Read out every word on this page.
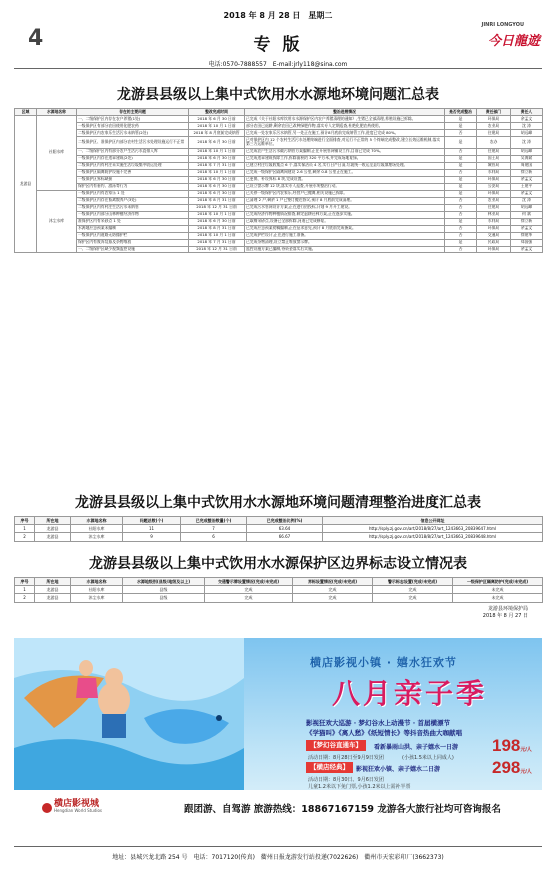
2018 年 8 月 28 日　星期二
4	专 版
JINRI LONGYOU
今日龍遊
电话:0570-7888557　E-mail:jrly118@sina.com
龙游县县级以上集中式饮用水水源地环境问题汇总表
区域	水源地名称	存在的主要问题	整改完成时间	整治进展情况	是否完成整治	责任部门	责任人
龙游县	社阳水库	一、二级保护区内存在农户养猪(1处)	2018 年 6 月 30 日前	已完成《关于社阳水库饮用水水源保护区内农户养猪清理的通知》,生猪已全部清理,养殖设施已拆除。	是	环保局	余孟文
		一级保护区有部分农田使用化肥农药	2018 年 10 月 1 日前	部分农田已退耕,剩余农田已改种绿肥作物,落实专人定期巡查,杜绝化肥农药使用。	是	农业局	沈 涛
		二级保护区内农家乐生活污水未纳管(2处)	2018 年 8 月底前完成纳管	已完成一处农家乐污水纳管,另一处正在施工,预计8月底前完成纳管工作,进度已完成 80%。	否	住建局	胡远峰
		二级保护区、准保护区内部分农村生活污水处理设施运行不正常	2018 年 6 月 30 日前	已对保护区内 12 个农村生活污水处理终端进行全面排查,对运行不正常的 5 个终端完成整改,建立长效运维机制,落实第三方运维单位。	是	农办	沈 涛
		一、二级保护区内有部分农户生活污水直排入库	2018 年 10 月 1 日前	已完成农户生活污水截污纳管方案编制,正在开展管网铺设工作,目前已完成 70%。	否	住建局	胡远峰
		一级保护区内存在违章建筑(2处)	2018 年 6 月 30 日前	已完成违章建筑拆除工作,拆除面积约 320 平方米,并完成场地复绿。	是	国土局	吴海斌
		二级保护区内有村庄未实施生活垃圾集中收运处理	2018 年 7 月 31 日前	已建立村庄垃圾收集点 6 个,落实保洁员 4 名,实行日产日清,垃圾统一收运至县垃圾填埋场处理。	是	城管局	周建国
		一级保护区隔离防护设施不完善	2018 年 10 月 1 日前	已完成一级保护区隔离网建设 2.6 公里,剩余 0.8 公里正在施工。	否	水利局	徐立新
		一级保护区界标缺损	2018 年 6 月 30 日前	已更换、补设界标 8 块,完成设置。	是	环保局	余孟文
		保护区内有垂钓、游泳等行为	2018 年 6 月 30 日前	已设立警示牌 12 块,落实专人巡查,开展专项整治行动。	是	公安局	王建平
	沐尘水库	一级保护区内有农家乐 1 处	2018 年 6 月 30 日前	已关停一级保护区内农家乐,经营户已搬离,相关设施已拆除。	是	环保局	余孟文
		二级保护区内存在畜禽散养户(3处)	2018 年 8 月 31 日前	已清理 2 户,剩余 1 户已签订搬迁协议,预计 8 月底前完成清理。	否	农业局	沈 涛
		二级保护区内有村庄生活污水未纳管	2018 年 12 月 31 日前	已完成污水管网设计方案,正在进行招投标,计划 9 月开工建设。	否	住建局	胡远峰
		一级保护区内部分山林种植经济作物	2018 年 10 月 1 日前	已完成经济作物种植情况排查,制定退耕还林方案,正在逐步实施。	否	林业局	何 斌
		准保护区内有采砂点 1 处	2018 年 6 月 30 日前	已取缔采砂点,设备已全部拆除,河道已完成修复。	是	水利局	徐立新
		水源地应急预案未编制	2018 年 8 月 31 日前	已完成应急预案初稿编制,正在征求意见,预计 8 月底前完成备案。	否	环保局	余孟文
		一级保护区内道路无防撞护栏	2018 年 10 月 1 日前	已完成护栏设计,正在进行施工准备。	否	交通局	徐建华
		保护区内有废弃坟墓及杂物堆放	2018 年 7 月 31 日前	已完成杂物清理,设立禁止堆放警示牌。	是	民政局	郑国强
		一、二级保护区缺少视频监控设施	2018 年 12 月 31 日前	监控设施方案已编制,待资金落实后实施。	否	环保局	余孟文
龙游县县级以上集中式饮用水水源地环境问题清理整治进度汇总表
序号	所在地	水源地名称	问题总数(个)	已完成整治数量(个)	已完成整治比例(%)	信息公开网址
1	龙游县	社阳水库	11	7	63.64	http://sply.zj.gov.cn/art/2018/8/27/art_1243663_20839647.html
2	龙游县	沐尘水库	9	6	66.67	http://sply.zj.gov.cn/art/2018/8/27/art_1243663_20839648.html
龙游县县级以上集中式饮用水水源保护区边界标志设立情况表
序号	所在地	水源地名称	水源地级别(县级/地级及以上)	交通警示牌设置情况(完成/未完成)	界标设置情况(完成/未完成)	警示标志设置(完成/未完成)	一级保护区隔离防护(完成/未完成)
1	龙游县	社阳水库	县级	完成	完成	完成	未完成
2	龙游县	沐尘水库	县级	完成	完成	完成	未完成
龙游县环境保护局
2018 年 8 月 27 日
横店影视小镇 · 嬉水狂欢节
八月亲子季
影视狂欢大巡游 · 梦幻谷水上动漫节 · 首届横漂节
《学猫叫》《离人愁》《纸短情长》等抖音热曲大咖献唱
【梦幻谷直通车】	看新暴雨山洪、亲子嬉水一日游 198元/人
活动日期：8月28日至9月9日发团	(小孩1.5米以上同成人)
【横店经典】	影视狂欢小镇、亲子嬉水二日游	298元/人
活动日期：8月30日、9月6日发团
儿童1.2米以下免门票,小孩1.2米以上需补半票
横店影视城
Hengdian World Studios	跟团游、自驾游 旅游热线：18867167159 龙游各大旅行社均可咨询报名
地址：县城兴龙北路 254 号　电话：7017120(传真)　衢州日报龙游发行站投递(7022626)　衢州市天宏彩印厂(3662373)
